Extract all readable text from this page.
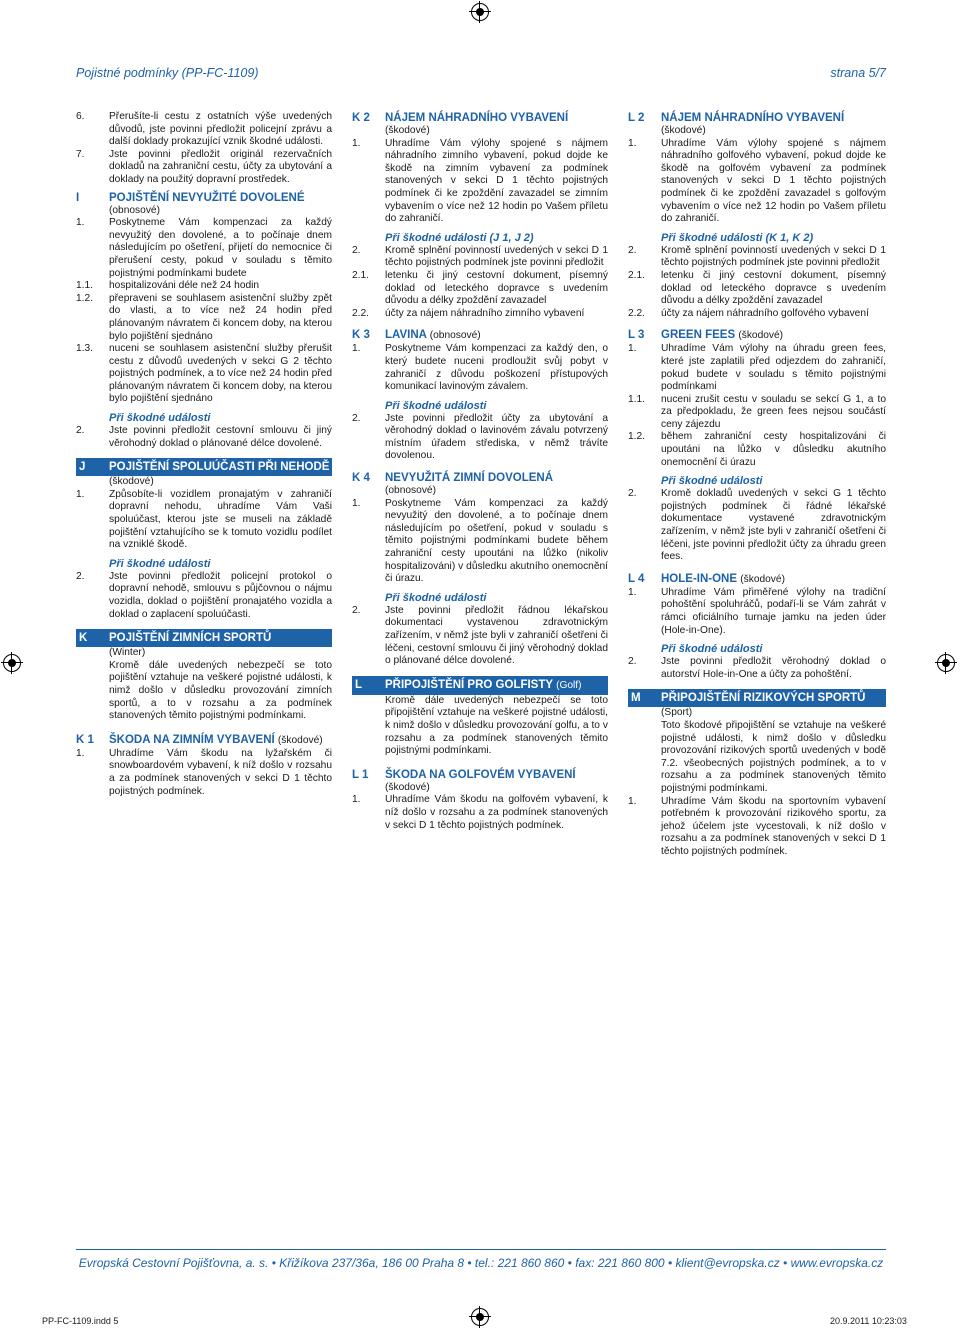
Pojistné podmínky (PP-FC-1109)	strana 5/7
6.	Přerušíte-li cestu z ostatních výše uvedených důvodů, jste povinni předložit policejní zprávu a další doklady prokazující vznik škodné události.
7.	Jste povinni předložit originál rezervačních dokladů na zahraniční cestu, účty za ubytování a doklady na použitý dopravní prostředek.
I	POJIŠTĚNÍ NEVYUŽITÉ DOVOLENÉ
(obnosové)
1.	Poskytneme Vám kompenzaci za každý nevyužitý den dovolené, a to počínaje dnem následujícím po ošetření, přijetí do nemocnice či přerušení cesty, pokud v souladu s těmito pojistnými podmínkami budete
1.1.	hospitalizováni déle než 24 hodin
1.2.	přepraveni se souhlasem asistenční služby zpět do vlasti, a to více než 24 hodin před plánovaným návratem či koncem doby, na kterou bylo pojištění sjednáno
1.3.	nuceni se souhlasem asistenční služby přerušit cestu z důvodů uvedených v sekci G 2 těchto pojistných podmínek, a to více než 24 hodin před plánovaným návratem či koncem doby, na kterou bylo pojištění sjednáno
Při škodné události
2.	Jste povinni předložit cestovní smlouvu či jiný věrohodný doklad o plánované délce dovolené.
J	POJIŠTĚNÍ SPOLUÚČASTI PŘI NEHODĚ
(škodové)
1.	Způsobíte-li vozidlem pronajatým v zahraničí dopravní nehodu, uhradíme Vám Vaši spoluúčast, kterou jste se museli na základě pojištění vztahujícího se k tomuto vozidlu podílet na vzniklé škodě.
Při škodné události
2.	Jste povinni předložit policejní protokol o dopravní nehodě, smlouvu s půjčovnou o nájmu vozidla, doklad o pojištění pronajatého vozidla a doklad o zaplacení spoluúčasti.
K	POJIŠTĚNÍ ZIMNÍCH SPORTŮ
(Winter)
Kromě dále uvedených nebezpečí se toto pojištění vztahuje na veškeré pojistné události, k nimž došlo v důsledku provozování zimních sportů, a to v rozsahu a za podmínek stanovených těmito pojistnými podmínkami.
K 1	ŠKODA NA ZIMNÍM VYBAVENÍ (škodové)
1.	Uhradíme Vám škodu na lyžařském či snowboardovém vybavení, k níž došlo v rozsahu a za podmínek stanovených v sekci D 1 těchto pojistných podmínek.
K 2	NÁJEM NÁHRADNÍHO VYBAVENÍ
(škodové)
1.	Uhradíme Vám výlohy spojené s nájmem náhradního zimního vybavení, pokud dojde ke škodě na zimním vybavení za podmínek stanovených v sekci D 1 těchto pojistných podmínek či ke zpoždění zavazadel se zimním vybavením o více než 12 hodin po Vašem příletu do zahraničí.
Při škodné události (J 1, J 2)
2.	Kromě splnění povinností uvedených v sekci D 1 těchto pojistných podmínek jste povinni předložit
2.1.	letenku či jiný cestovní dokument, písemný doklad od leteckého dopravce s uvedením důvodu a délky zpoždění zavazadel
2.2.	účty za nájem náhradního zimního vybavení
K 3	LAVINA (obnosové)
1.	Poskytneme Vám kompenzaci za každý den, o který budete nuceni prodloužit svůj pobyt v zahraničí z důvodu poškození přístupových komunikací lavinovým závalem.
Při škodné události
2.	Jste povinni předložit účty za ubytování a věrohodný doklad o lavinovém závalu potvrzený místním úřadem střediska, v němž trávíte dovolenou.
K 4	NEVYUŽITÁ ZIMNÍ DOVOLENÁ
(obnosové)
1.	Poskytneme Vám kompenzaci za každý nevyužitý den dovolené, a to počínaje dnem následujícím po ošetření, pokud v souladu s těmito pojistnými podmínkami budete během zahraniční cesty upoutáni na lůžko (nikoliv hospitalizováni) v důsledku akutního onemocnění či úrazu.
Při škodné události
2.	Jste povinni předložit řádnou lékařskou dokumentaci vystavenou zdravotnickým zařízením, v němž jste byli v zahraničí ošetřeni či léčeni, cestovní smlouvu či jiný věrohodný doklad o plánované délce dovolené.
L	PŘIPOJIŠTĚNÍ PRO GOLFISTY (Golf)
Kromě dále uvedených nebezpečí se toto připojištění vztahuje na veškeré pojistné události, k nimž došlo v důsledku provozování golfu, a to v rozsahu a za podmínek stanovených těmito pojistnými podmínkami.
L 1	ŠKODA NA GOLFOVÉM VYBAVENÍ
(škodové)
1.	Uhradíme Vám škodu na golfovém vybavení, k níž došlo v rozsahu a za podmínek stanovených v sekci D 1 těchto pojistných podmínek.
L 2	NÁJEM NÁHRADNÍHO VYBAVENÍ
(škodové)
1.	Uhradíme Vám výlohy spojené s nájmem náhradního golfového vybavení, pokud dojde ke škodě na golfovém vybavení za podmínek stanovených v sekci D 1 těchto pojistných podmínek či ke zpoždění zavazadel s golfovým vybavením o více než 12 hodin po Vašem příletu do zahraničí.
Při škodné události (K 1, K 2)
2.	Kromě splnění povinností uvedených v sekci D 1 těchto pojistných podmínek jste povinni předložit
2.1.	letenku či jiný cestovní dokument, písemný doklad od leteckého dopravce s uvedením důvodu a délky zpoždění zavazadel
2.2.	účty za nájem náhradního golfového vybavení
L 3	GREEN FEES (škodové)
1.	Uhradíme Vám výlohy na úhradu green fees, které jste zaplatili před odjezdem do zahraničí, pokud budete v souladu s těmito pojistnými podmínkami
1.1.	nuceni zrušit cestu v souladu se sekcí G 1, a to za předpokladu, že green fees nejsou součástí ceny zájezdu
1.2.	během zahraniční cesty hospitalizováni či upoutáni na lůžko v důsledku akutního onemocnění či úrazu
Při škodné události
2.	Kromě dokladů uvedených v sekci G 1 těchto pojistných podmínek či řádné lékařské dokumentace vystavené zdravotnickým zařízením, v němž jste byli v zahraničí ošetřeni či léčeni, jste povinni předložit účty za úhradu green fees.
L 4	HOLE-IN-ONE (škodové)
1.	Uhradíme Vám přiměřené výlohy na tradiční pohoštění spoluhráčů, podaří-li se Vám zahrát v rámci oficiálního turnaje jamku na jeden úder (Hole-in-One).
Při škodné události
2.	Jste povinni předložit věrohodný doklad o autorství Hole-in-One a účty za pohoštění.
M	PŘIPOJIŠTĚNÍ RIZIKOVÝCH SPORTŮ
(Sport)
Toto škodové připojištění se vztahuje na veškeré pojistné události, k nimž došlo v důsledku provozování rizikových sportů uvedených v bodě 7.2. všeobecných pojistných podmínek, a to v rozsahu a za podmínek stanovených těmito pojistnými podmínkami.
1.	Uhradíme Vám škodu na sportovním vybavení potřebném k provozování rizikového sportu, za jehož účelem jste vycestovali, k níž došlo v rozsahu a za podmínek stanovených v sekci D 1 těchto pojistných podmínek.
Evropská Cestovní Pojišťovna, a. s. • Křižíkova 237/36a, 186 00 Praha 8 • tel.: 221 860 860 • fax: 221 860 800 • klient@evropska.cz • www.evropska.cz
PP-FC-1109.indd 5	20.9.2011 10:23:03
